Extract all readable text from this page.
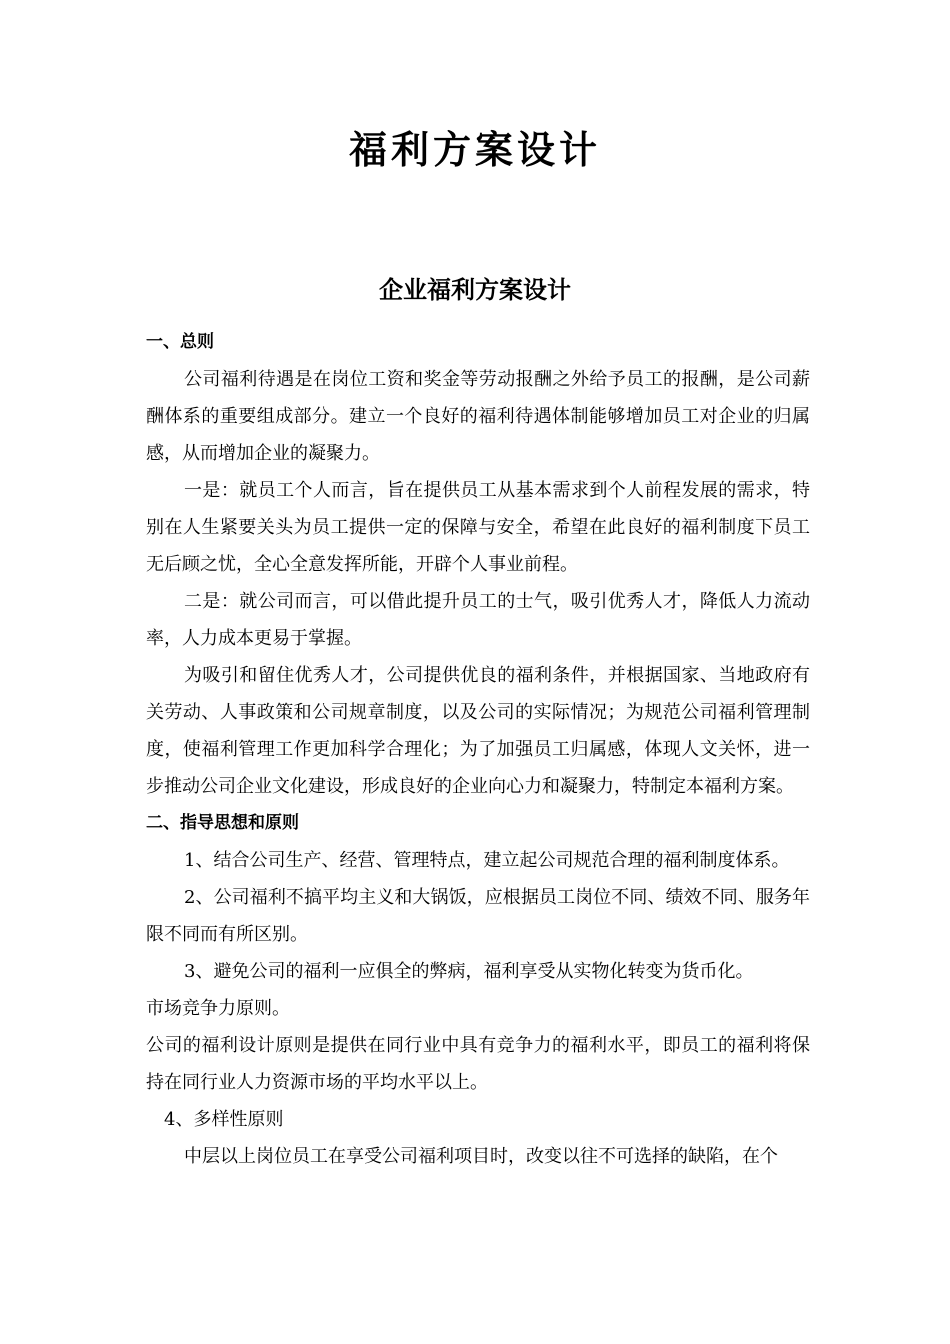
福利方案设计
企业福利方案设计

一、总则

公司福利待遇是在岗位工资和奖金等劳动报酬之外给予员工的报酬，是公司薪酬体系的重要组成部分。建立一个良好的福利待遇体制能够增加员工对企业的归属感，从而增加企业的凝聚力。

一是：就员工个人而言，旨在提供员工从基本需求到个人前程发展的需求，特别在人生紧要关头为员工提供一定的保障与安全，希望在此良好的福利制度下员工无后顾之忧，全心全意发挥所能，开辟个人事业前程。

二是：就公司而言，可以借此提升员工的士气，吸引优秀人才，降低人力流动率，人力成本更易于掌握。

为吸引和留住优秀人才，公司提供优良的福利条件，并根据国家、当地政府有关劳动、人事政策和公司规章制度，以及公司的实际情况；为规范公司福利管理制度，使福利管理工作更加科学合理化；为了加强员工归属感，体现人文关怀，进一步推动公司企业文化建设，形成良好的企业向心力和凝聚力，特制定本福利方案。

二、指导思想和原则

1、结合公司生产、经营、管理特点，建立起公司规范合理的福利制度体系。

2、公司福利不搞平均主义和大锅饭，应根据员工岗位不同、绩效不同、服务年限不同而有所区别。

3、避免公司的福利一应俱全的弊病，福利享受从实物化转变为货币化。

市场竞争力原则。

公司的福利设计原则是提供在同行业中具有竞争力的福利水平，即员工的福利将保持在同行业人力资源市场的平均水平以上。

4、多样性原则

中层以上岗位员工在享受公司福利项目时，改变以往不可选择的缺陷，在个
